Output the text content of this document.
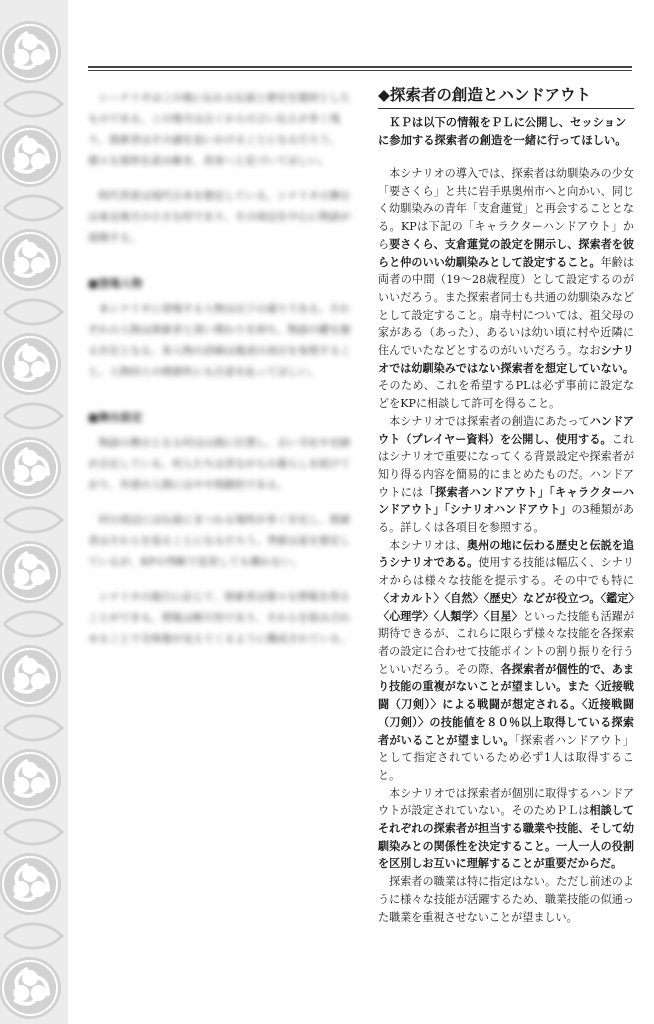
シーナリオはこの地に伝わる伝説と歴史を題材としたものである。この地方は古くからの言い伝えが多く残り、探索者はその謎を追いかけることになるだろう。様々な資料を読み解き、真実へと近づいてほしい。

時代背景は現代日本を想定している。シナリオの舞台は東北地方の小さな村であり、その周辺を中心に物語が展開する。

■登場人物

本シナリオに登場する人物は以下の通りである。それぞれの人物は探索者と深い関わりを持ち、物語の鍵を握る存在となる。各人物の詳細は後述の項目を参照すること。人物同士の関係性にも注意を払ってほしい。

■舞台設定

物語の舞台となる村は山間に位置し、古い寺社や史跡が点在している。村人たちは昔ながらの暮らしを続けており、外部の人間にはやや閉鎖的である。

村の周辺には伝説にまつわる場所が多く存在し、探索者はそれらを巡ることになるだろう。季節は夏を想定しているが、KPの判断で変更しても構わない。

シナリオの進行に応じて、探索者は様々な情報を得ることができる。情報は断片的であり、それらを組み合わせることで全体像が見えてくるように構成されている。

◆探索者の創造とハンドアウト

ＫＰは以下の情報をＰＬに公開し、セッションに参加する探索者の創造を一緒に行ってほしい。

本シナリオの導入では、探索者は幼馴染みの少女「要さくら」と共に岩手県奥州市へと向かい、同じく幼馴染みの青年「支倉蓮覚」と再会することとなる。KPは下記の「キャラクターハンドアウト」から要さくら、支倉蓮覚の設定を開示し、探索者を彼らと仲のいい幼馴染みとして設定すること。年齢は両者の中間（19〜28歳程度）として設定するのがいいだろう。また探索者同士も共通の幼馴染みなどとして設定すること。扇寺村については、祖父母の家がある（あった）、あるいは幼い頃に村や近隣に住んでいたなどとするのがいいだろう。なおシナリオでは幼馴染みではない探索者を想定していない。そのため、これを希望するPLは必ず事前に設定などをKPに相談して許可を得ること。

本シナリオでは探索者の創造にあたってハンドアウト（プレイヤー資料）を公開し、使用する。これはシナリオで重要になってくる背景設定や探索者が知り得る内容を簡易的にまとめたものだ。ハンドアウトには「探索者ハンドアウト」「キャラクターハンドアウト」「シナリオハンドアウト」の3種類がある。詳しくは各項目を参照する。

本シナリオは、奥州の地に伝わる歴史と伝説を追うシナリオである。使用する技能は幅広く、シナリオからは様々な技能を提示する。その中でも特に〈オカルト〉〈自然〉〈歴史〉などが役立つ。〈鑑定〉〈心理学〉〈人類学〉〈目星〉といった技能も活躍が期待できるが、これらに限らず様々な技能を各探索者の設定に合わせて技能ポイントの割り振りを行うといいだろう。その際、各探索者が個性的で、あまり技能の重複がないことが望ましい。また〈近接戦闘（刀剣）〉による戦闘が想定される。〈近接戦闘（刀剣）〉の技能値を８０％以上取得している探索者がいることが望ましい。「探索者ハンドアウト」として指定されているため必ず1人は取得すること。

本シナリオでは探索者が個別に取得するハンドアウトが設定されていない。そのためＰＬは相談してそれぞれの探索者が担当する職業や技能、そして幼馴染みとの関係性を決定すること。一人一人の役割を区別しお互いに理解することが重要だからだ。

探索者の職業は特に指定はない。ただし前述のように様々な技能が活躍するため、職業技能の似通った職業を重視させないことが望ましい。
